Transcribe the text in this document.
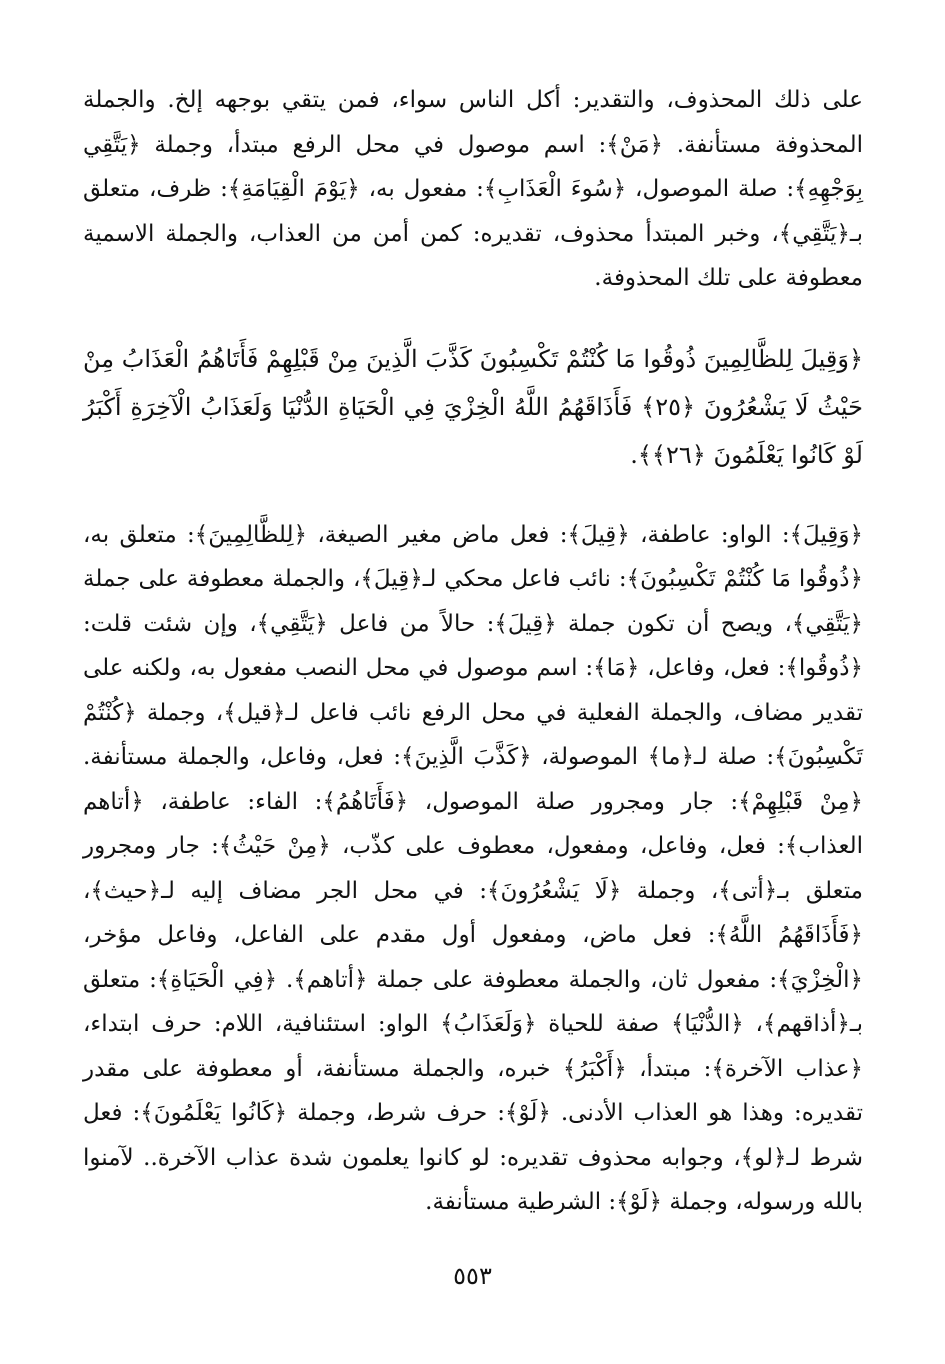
على ذلك المحذوف، والتقدير: أكل الناس سواء، فمن يتقي بوجهه إلخ. والجملة المحذوفة مستأنفة. ﴿مَنْ﴾: اسم موصول في محل الرفع مبتدأ، وجملة ﴿يَتَّقِي بِوَجْهِهِ﴾: صلة الموصول، ﴿سُوءَ الْعَذَابِ﴾: مفعول به، ﴿يَوْمَ الْقِيَامَةِ﴾: ظرف، متعلق بـ﴿يَتَّقِي﴾، وخبر المبتدأ محذوف، تقديره: كمن أمن من العذاب، والجملة الاسمية معطوفة على تلك المحذوفة.

﴿وَقِيلَ لِلظَّالِمِينَ ذُوقُوا مَا كُنْتُمْ تَكْسِبُونَ كَذَّبَ الَّذِينَ مِنْ قَبْلِهِمْ فَأَتَاهُمُ الْعَذَابُ مِنْ حَيْثُ لَا يَشْعُرُونَ ﴿٢٥﴾ فَأَذَاقَهُمُ اللَّهُ الْخِزْيَ فِي الْحَيَاةِ الدُّنْيَا وَلَعَذَابُ الْآخِرَةِ أَكْبَرُ لَوْ كَانُوا يَعْلَمُونَ ﴿٢٦﴾﴾.

﴿وَقِيلَ﴾: الواو: عاطفة، ﴿قِيلَ﴾: فعل ماض مغير الصيغة، ﴿لِلظَّالِمِينَ﴾: متعلق به، ﴿ذُوقُوا مَا كُنْتُمْ تَكْسِبُونَ﴾: نائب فاعل محكي لـ﴿قِيلَ﴾، والجملة معطوفة على جملة ﴿يَتَّقِي﴾، ويصح أن تكون جملة ﴿قِيلَ﴾: حالاً من فاعل ﴿يَتَّقِي﴾، وإن شئت قلت: ﴿ذُوقُوا﴾: فعل، وفاعل، ﴿مَا﴾: اسم موصول في محل النصب مفعول به، ولكنه على تقدير مضاف، والجملة الفعلية في محل الرفع نائب فاعل لـ﴿قيل﴾، وجملة ﴿كُنْتُمْ تَكْسِبُونَ﴾: صلة لـ﴿ما﴾ الموصولة، ﴿كَذَّبَ الَّذِينَ﴾: فعل، وفاعل، والجملة مستأنفة. ﴿مِنْ قَبْلِهِمْ﴾: جار ومجرور صلة الموصول، ﴿فَأَتَاهُمُ﴾: الفاء: عاطفة، ﴿أتاهم العذاب﴾: فعل، وفاعل، ومفعول، معطوف على كذّب، ﴿مِنْ حَيْثُ﴾: جار ومجرور متعلق بـ﴿أتى﴾، وجملة ﴿لَا يَشْعُرُونَ﴾: في محل الجر مضاف إليه لـ﴿حيث﴾، ﴿فَأَذَاقَهُمُ اللَّهُ﴾: فعل ماض، ومفعول أول مقدم على الفاعل، وفاعل مؤخر، ﴿الْخِزْيَ﴾: مفعول ثان، والجملة معطوفة على جملة ﴿أتاهم﴾. ﴿فِي الْحَيَاةِ﴾: متعلق بـ﴿أذاقهم﴾، ﴿الدُّنْيَا﴾ صفة للحياة ﴿وَلَعَذَابُ﴾ الواو: استئنافية، اللام: حرف ابتداء، ﴿عذاب الآخرة﴾: مبتدأ، ﴿أَكْبَرُ﴾ خبره، والجملة مستأنفة، أو معطوفة على مقدر تقديره: وهذا هو العذاب الأدنى. ﴿لَوْ﴾: حرف شرط، وجملة ﴿كَانُوا يَعْلَمُونَ﴾: فعل شرط لـ﴿لو﴾، وجوابه محذوف تقديره: لو كانوا يعلمون شدة عذاب الآخرة.. لآمنوا بالله ورسوله، وجملة ﴿لَوْ﴾: الشرطية مستأنفة.

٥٥٣
